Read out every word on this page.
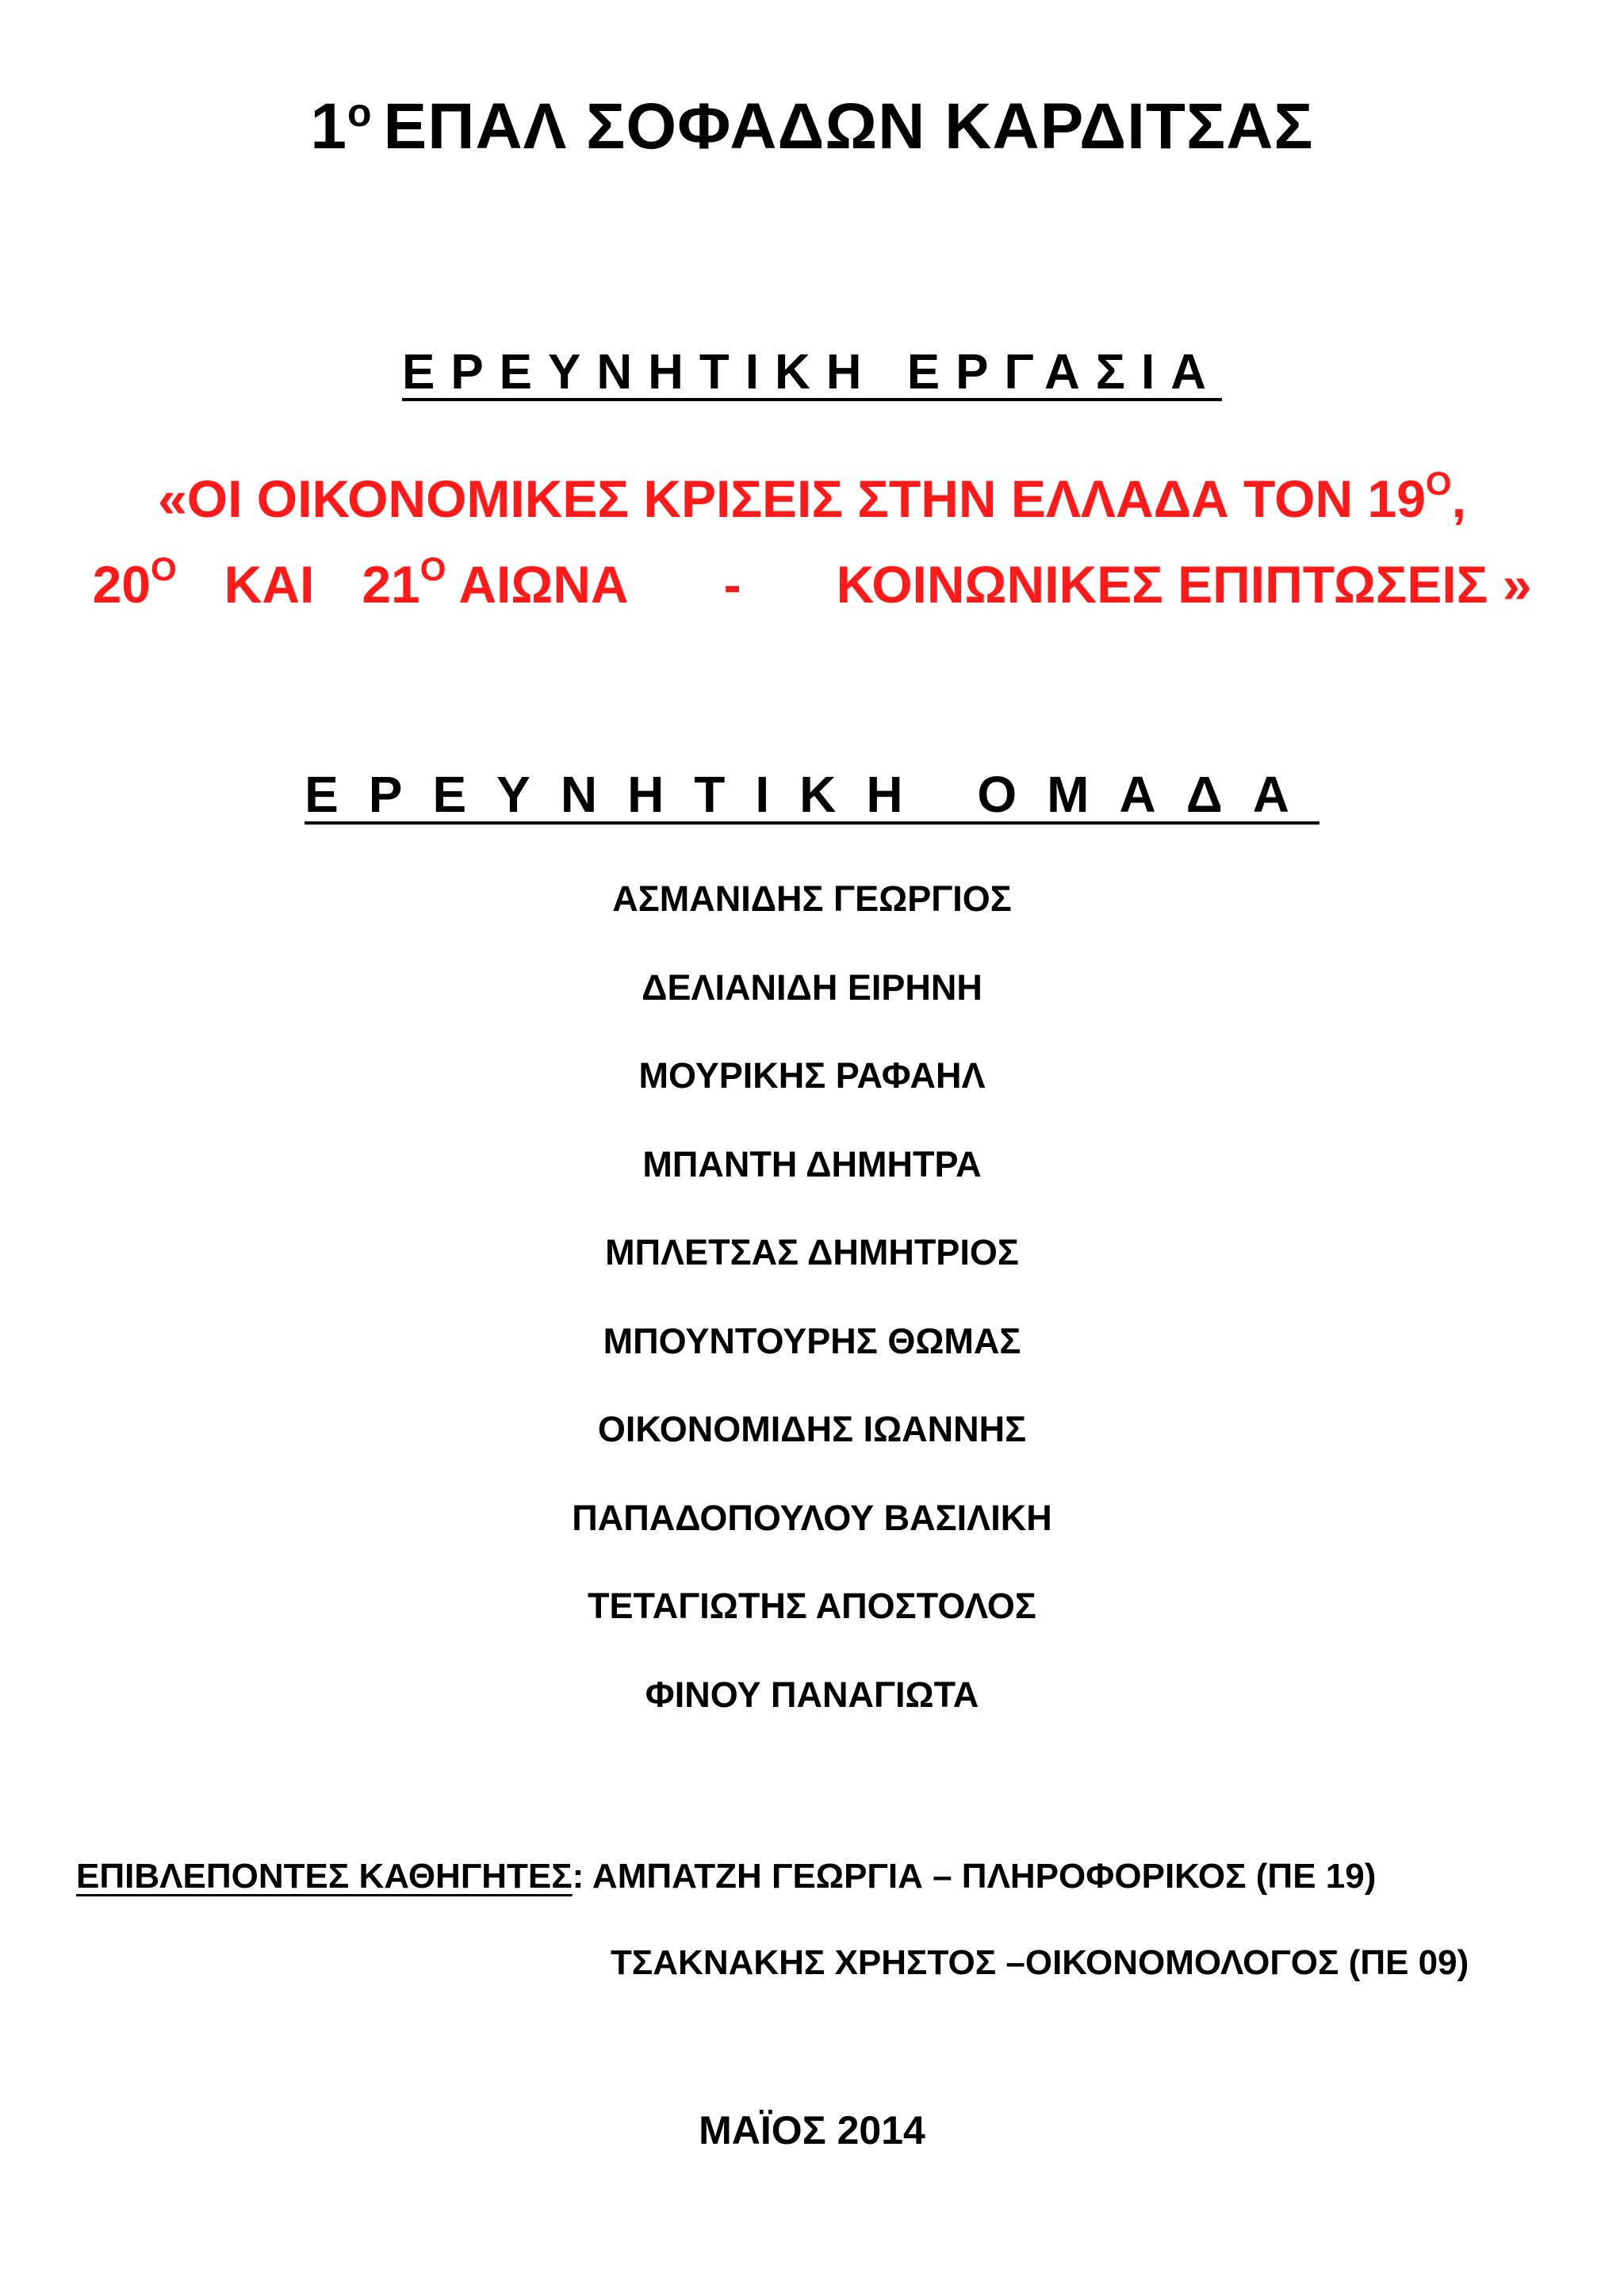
$1^o$ ΕΠΑΛ ΣΟΦΑΔΩΝ ΚΑΡΔΙΤΣΑΣ
ΕΡΕΥΝΗΤΙΚΗ ΕΡΓΑΣΙΑ
«ΟΙ ΟΙΚΟΝΟΜΙΚΕΣ ΚΡΙΣΕΙΣ ΣΤΗΝ ΕΛΛΑΔΑ ΤΟΝ $19^O$,
$20^O$ ΚΑΙ $21^O$ ΑΙΩΝΑ - ΚΟΙΝΩΝΙΚΕΣ ΕΠΙΠΤΩΣΕΙΣ »
ΕΡΕΥΝΗΤΙΚΗ ΟΜΑΔΑ
ΑΣΜΑΝΙΔΗΣ ΓΕΩΡΓΙΟΣ
ΔΕΛΙΑΝΙΔΗ ΕΙΡΗΝΗ
ΜΟΥΡΙΚΗΣ ΡΑΦΑΗΛ
ΜΠΑΝΤΗ ΔΗΜΗΤΡΑ
ΜΠΛΕΤΣΑΣ ΔΗΜΗΤΡΙΟΣ
ΜΠΟΥΝΤΟΥΡΗΣ ΘΩΜΑΣ
ΟΙΚΟΝΟΜΙΔΗΣ ΙΩΑΝΝΗΣ
ΠΑΠΑΔΟΠΟΥΛΟΥ ΒΑΣΙΛΙΚΗ
ΤΕΤΑΓΙΩΤΗΣ ΑΠΟΣΤΟΛΟΣ
ΦΙΝΟΥ ΠΑΝΑΓΙΩΤΑ
ΕΠΙΒΛΕΠΟΝΤΕΣ ΚΑΘΗΓΗΤΕΣ: ΑΜΠΑΤΖΗ ΓΕΩΡΓΙΑ – ΠΛΗΡΟΦΟΡΙΚΟΣ (ΠΕ 19)
ΤΣΑΚΝΑΚΗΣ ΧΡΗΣΤΟΣ –ΟΙΚΟΝΟΜΟΛΟΓΟΣ (ΠΕ 09)
ΜΑΪΟΣ 2014
